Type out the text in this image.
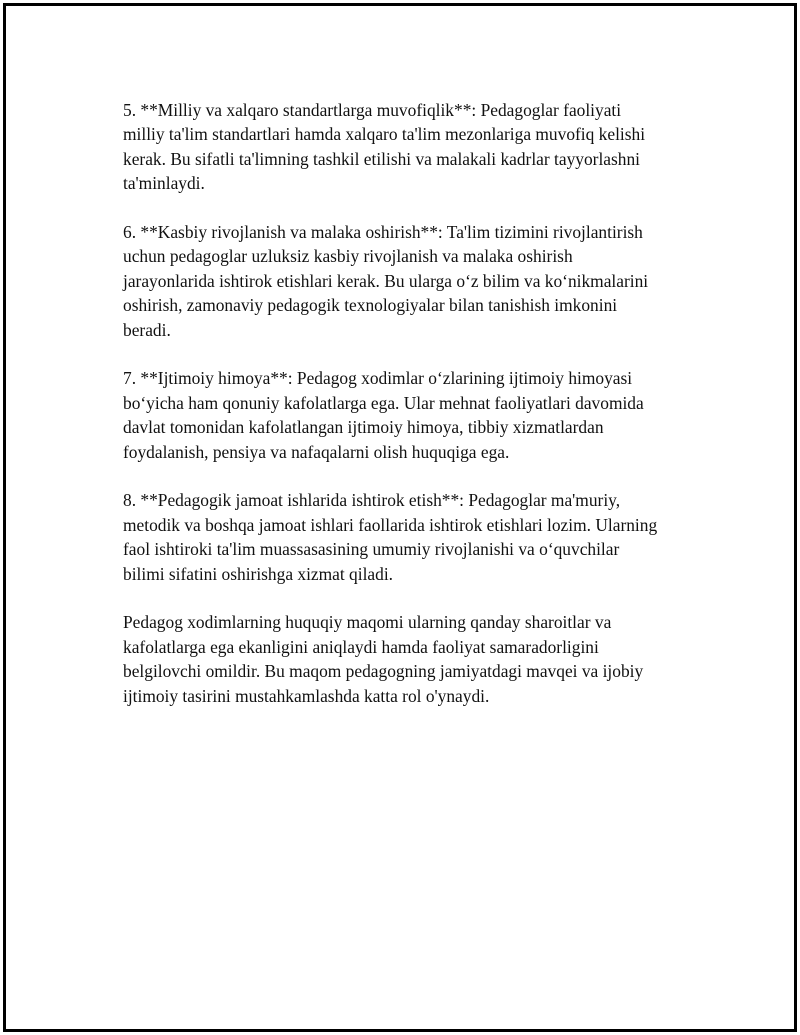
5. **Milliy va xalqaro standartlarga muvofiqlik**: Pedagoglar faoliyati
milliy ta'lim standartlari hamda xalqaro ta'lim mezonlariga muvofiq kelishi
kerak. Bu sifatli ta'limning tashkil etilishi va malakali kadrlar tayyorlashni
ta'minlaydi.

6. **Kasbiy rivojlanish va malaka oshirish**: Ta'lim tizimini rivojlantirish
uchun pedagoglar uzluksiz kasbiy rivojlanish va malaka oshirish
jarayonlarida ishtirok etishlari kerak. Bu ularga o‘z bilim va ko‘nikmalarini
oshirish, zamonaviy pedagogik texnologiyalar bilan tanishish imkonini
beradi.

7. **Ijtimoiy himoya**: Pedagog xodimlar o‘zlarining ijtimoiy himoyasi
bo‘yicha ham qonuniy kafolatlarga ega. Ular mehnat faoliyatlari davomida
davlat tomonidan kafolatlangan ijtimoiy himoya, tibbiy xizmatlardan
foydalanish, pensiya va nafaqalarni olish huquqiga ega.

8. **Pedagogik jamoat ishlarida ishtirok etish**: Pedagoglar ma'muriy,
metodik va boshqa jamoat ishlari faollarida ishtirok etishlari lozim. Ularning
faol ishtiroki ta'lim muassasasining umumiy rivojlanishi va o‘quvchilar
bilimi sifatini oshirishga xizmat qiladi.

Pedagog xodimlarning huquqiy maqomi ularning qanday sharoitlar va
kafolatlarga ega ekanligini aniqlaydi hamda faoliyat samaradorligini
belgilovchi omildir. Bu maqom pedagogning jamiyatdagi mavqei va ijobiy
ijtimoiy tasirini mustahkamlashda katta rol o'ynaydi.
